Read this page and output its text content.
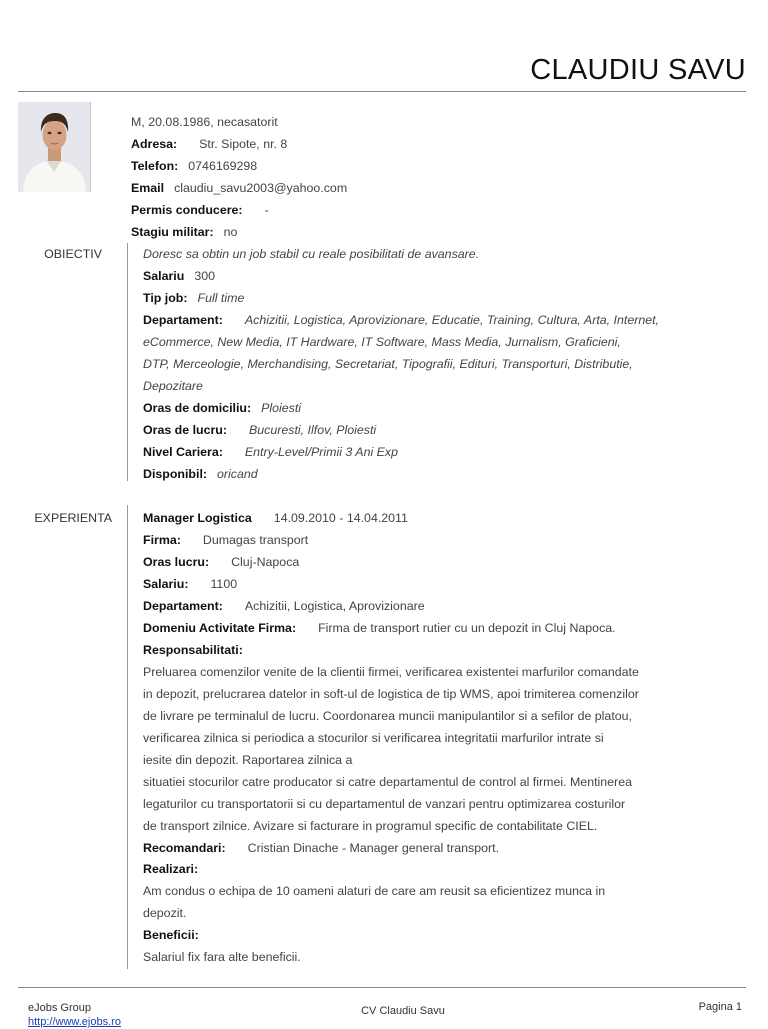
CLAUDIU SAVU
M, 20.08.1986, necasatorit
Adresa: Str. Sipote, nr. 8
Telefon: 0746169298
Email claudiu_savu2003@yahoo.com
Permis conducere: -
Stagiu militar: no
OBIECTIV	Doresc sa obtin un job stabil cu reale posibilitati de avansare.
Salariu 300
Tip job: Full time
Departament: Achizitii, Logistica, Aprovizionare, Educatie, Training, Cultura, Arta, Internet,
eCommerce, New Media, IT Hardware, IT Software, Mass Media, Jurnalism, Graficieni,
DTP, Merceologie, Merchandising, Secretariat, Tipografii, Edituri, Transporturi, Distributie,
Depozitare
Oras de domiciliu: Ploiesti
Oras de lucru: Bucuresti, Ilfov, Ploiesti
Nivel Cariera: Entry-Level/Primii 3 Ani Exp
Disponibil: oricand
EXPERIENTA	Manager Logistica 14.09.2010 - 14.04.2011
Firma: Dumagas transport
Oras lucru: Cluj-Napoca
Salariu: 1100
Departament: Achizitii, Logistica, Aprovizionare
Domeniu Activitate Firma: Firma de transport rutier cu un depozit in Cluj Napoca.
Responsabilitati:
Preluarea comenzilor venite de la clientii firmei, verificarea existentei marfurilor comandate
in depozit, prelucrarea datelor in soft-ul de logistica de tip WMS, apoi trimiterea comenzilor
de livrare pe terminalul de lucru. Coordonarea muncii manipulantilor si a sefilor de platou,
verificarea zilnica si periodica a stocurilor si verificarea integritatii marfurilor intrate si
iesite din depozit. Raportarea zilnica a
situatiei stocurilor catre producator si catre departamentul de control al firmei. Mentinerea
legaturilor cu transportatorii si cu departamentul de vanzari pentru optimizarea costurilor
de transport zilnice. Avizare si facturare in programul specific de contabilitate CIEL.
Recomandari: Cristian Dinache - Manager general transport.
Realizari:
Am condus o echipa de 10 oameni alaturi de care am reusit sa eficientizez munca in
depozit.
Beneficii:
Salariul fix fara alte beneficii.
eJobs Group
http://www.ejobs.ro
CV Claudiu Savu	Pagina 1
